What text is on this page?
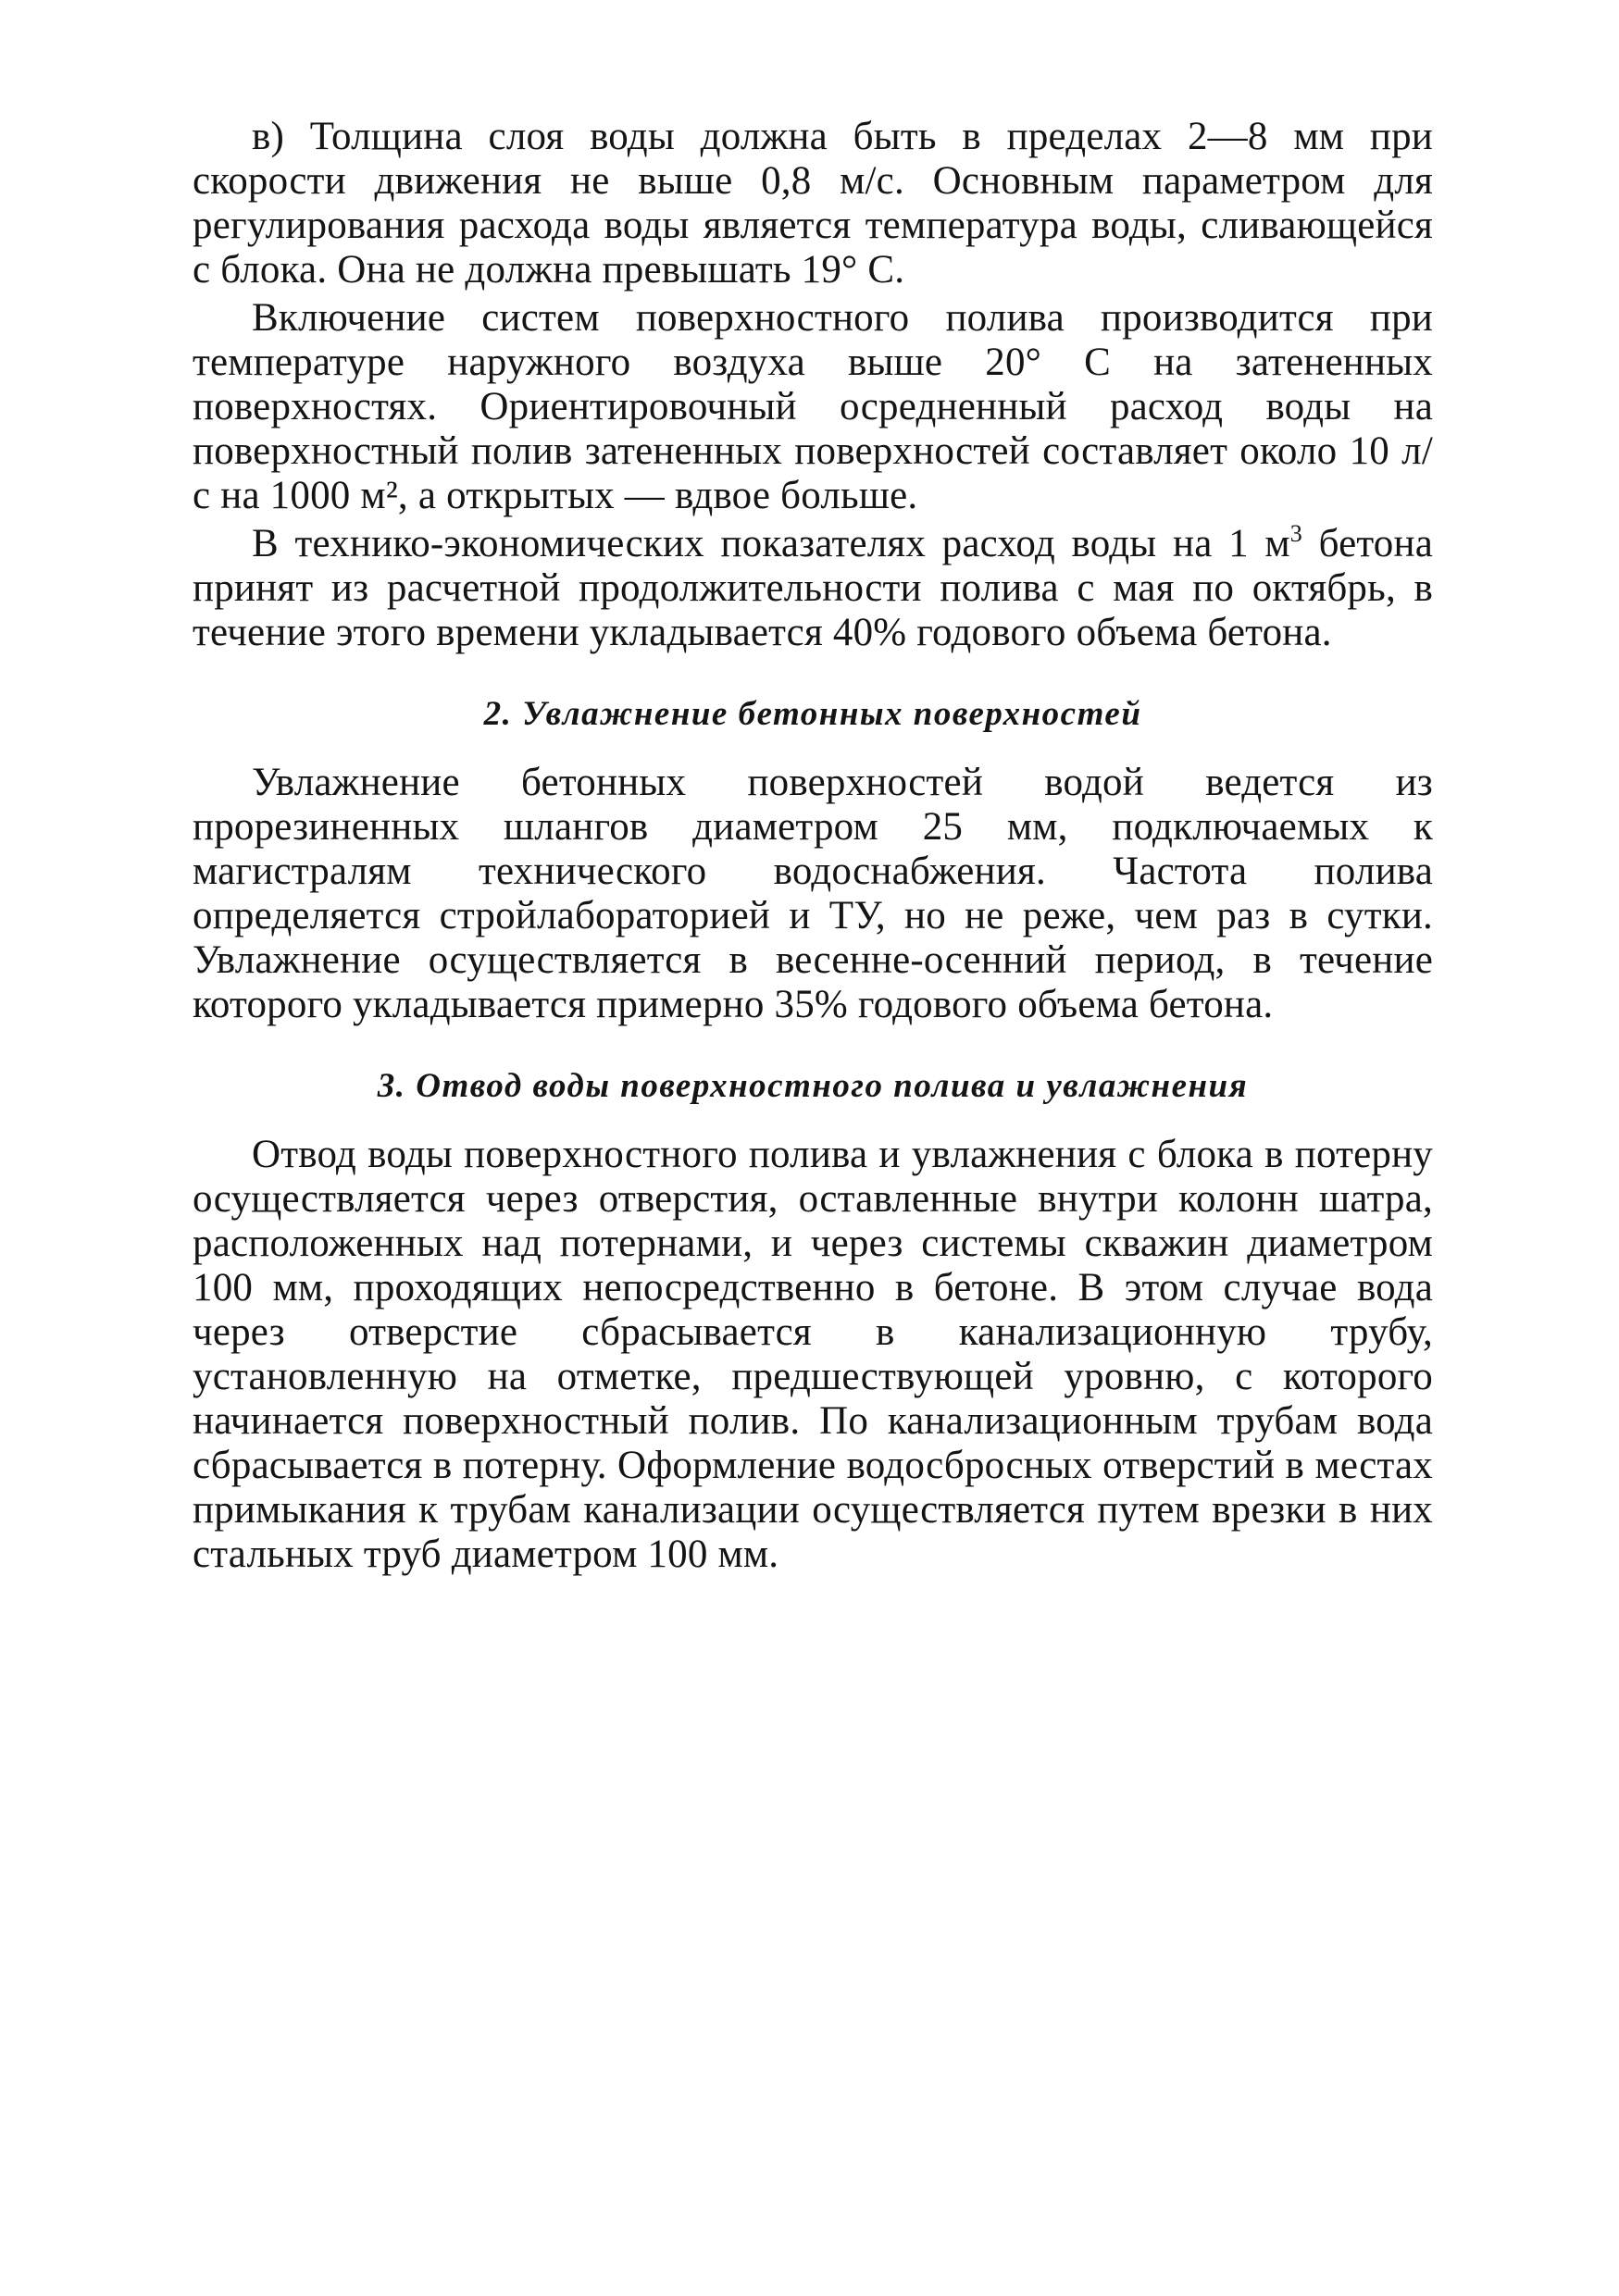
в) Толщина слоя воды должна быть в пределах 2—8 мм при скорости движения не выше 0,8 м/с. Основным параметром для регулирования расхода воды является температура воды, сливающейся с блока. Она не должна превышать 19° С.

Включение систем поверхностного полива производится при температуре наружного воздуха выше 20° С на затененных поверхностях. Ориентировочный осредненный расход воды на поверхностный полив затененных поверхностей составляет около 10 л/с на 1000 м², а открытых — вдвое больше.

В технико-экономических показателях расход воды на 1 $м^3$ бетона принят из расчетной продолжительности полива с мая по октябрь, в течение этого времени укладывается 40% годового объема бетона.

2. Увлажнение бетонных поверхностей

Увлажнение бетонных поверхностей водой ведется из прорезиненных шлангов диаметром 25 мм, подключаемых к магистралям технического водоснабжения. Частота полива определяется стройлабораторией и ТУ, но не реже, чем раз в сутки. Увлажнение осуществляется в весенне-осенний период, в течение которого укладывается примерно 35% годового объема бетона.

3. Отвод воды поверхностного полива и увлажнения

Отвод воды поверхностного полива и увлажнения с блока в потерну осуществляется через отверстия, оставленные внутри колонн шатра, расположенных над потернами, и через системы скважин диаметром 100 мм, проходящих непосредственно в бетоне. В этом случае вода через отверстие сбрасывается в канализационную трубу, установленную на отметке, предшествующей уровню, с которого начинается поверхностный полив. По канализационным трубам вода сбрасывается в потерну. Оформление водосбросных отверстий в местах примыкания к трубам канализации осуществляется путем врезки в них стальных труб диаметром 100 мм.
